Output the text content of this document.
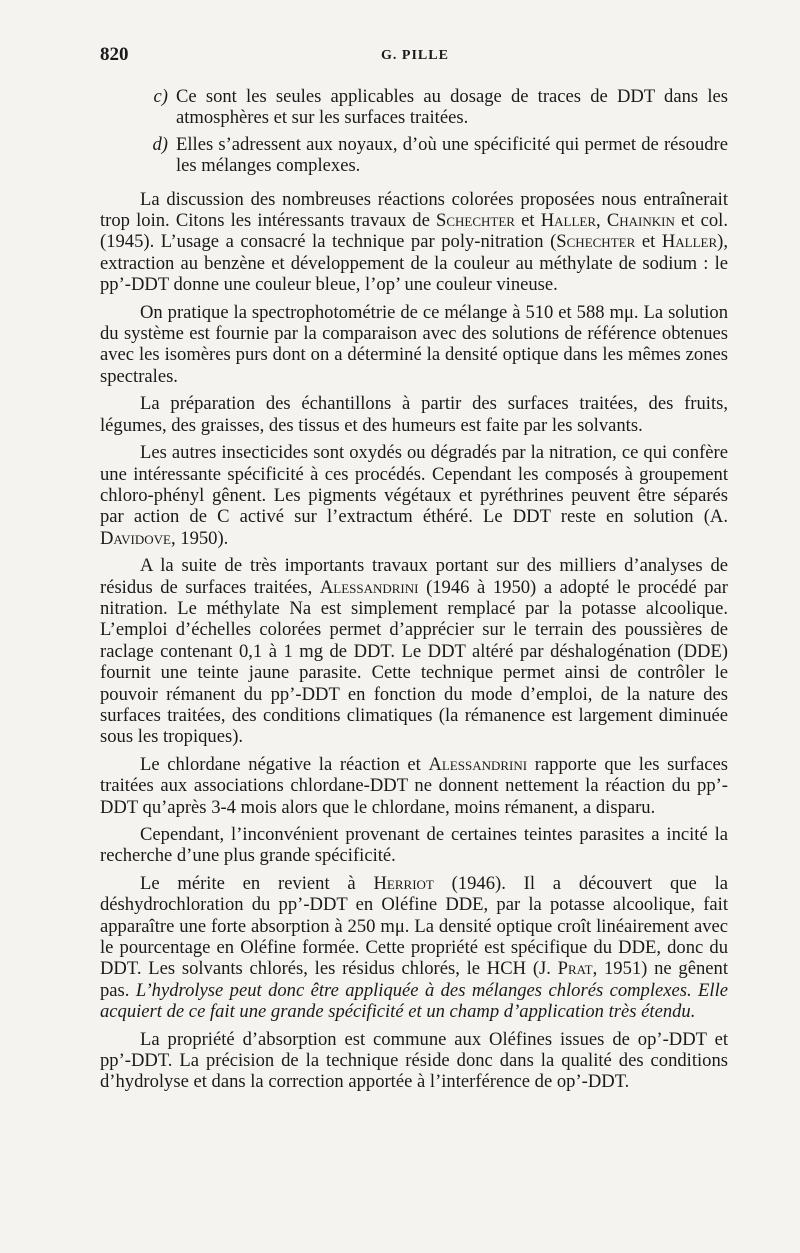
820	G. PILLE
c) Ce sont les seules applicables au dosage de traces de DDT dans les atmosphères et sur les surfaces traitées.
d) Elles s’adressent aux noyaux, d’où une spécificité qui permet de résoudre les mélanges complexes.

La discussion des nombreuses réactions colorées proposées nous entraînerait trop loin. Citons les intéressants travaux de Schechter et Haller, Chainkin et col. (1945). L’usage a consacré la technique par poly-nitration (Schechter et Haller), extraction au benzène et développement de la couleur au méthylate de sodium : le pp’-DDT donne une couleur bleue, l’op’ une couleur vineuse.

On pratique la spectrophotométrie de ce mélange à 510 et 588 mμ. La solution du système est fournie par la comparaison avec des solutions de référence obtenues avec les isomères purs dont on a déterminé la densité optique dans les mêmes zones spectrales.

La préparation des échantillons à partir des surfaces traitées, des fruits, légumes, des graisses, des tissus et des humeurs est faite par les solvants.

Les autres insecticides sont oxydés ou dégradés par la nitration, ce qui confère une intéressante spécificité à ces procédés. Cependant les composés à groupement chloro-phényl gênent. Les pigments végétaux et pyréthrines peuvent être séparés par action de C activé sur l’extractum éthéré. Le DDT reste en solution (A. Davidove, 1950).

A la suite de très importants travaux portant sur des milliers d’analyses de résidus de surfaces traitées, Alessandrini (1946 à 1950) a adopté le procédé par nitration. Le méthylate Na est simplement remplacé par la potasse alcoolique. L’emploi d’échelles colorées permet d’apprécier sur le terrain des poussières de raclage contenant 0,1 à 1 mg de DDT. Le DDT altéré par déshalogénation (DDE) fournit une teinte jaune parasite. Cette technique permet ainsi de contrôler le pouvoir rémanent du pp’-DDT en fonction du mode d’emploi, de la nature des surfaces traitées, des conditions climatiques (la rémanence est largement diminuée sous les tropiques).

Le chlordane négative la réaction et Alessandrini rapporte que les surfaces traitées aux associations chlordane-DDT ne donnent nettement la réaction du pp’-DDT qu’après 3-4 mois alors que le chlordane, moins rémanent, a disparu.

Cependant, l’inconvénient provenant de certaines teintes parasites a incité la recherche d’une plus grande spécificité.

Le mérite en revient à Herriot (1946). Il a découvert que la déshydrochloration du pp’-DDT en Oléfine DDE, par la potasse alcoolique, fait apparaître une forte absorption à 250 mμ. La densité optique croît linéairement avec le pourcentage en Oléfine formée. Cette propriété est spécifique du DDE, donc du DDT. Les solvants chlorés, les résidus chlorés, le HCH (J. Prat, 1951) ne gênent pas. L’hydrolyse peut donc être appliquée à des mélanges chlorés complexes. Elle acquiert de ce fait une grande spécificité et un champ d’application très étendu.

La propriété d’absorption est commune aux Oléfines issues de op’-DDT et pp’-DDT. La précision de la technique réside donc dans la qualité des conditions d’hydrolyse et dans la correction apportée à l’interférence de op’-DDT.
